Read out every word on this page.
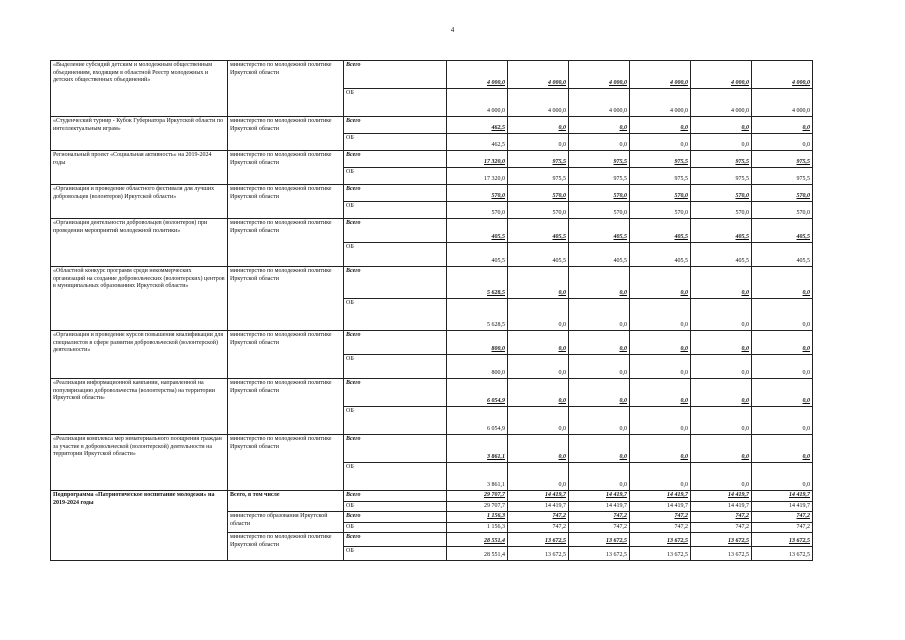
4
«Выделение субсидий детским и молодежным общественным объединениям, входящим в областной Реестр молодежных и детских общественных объединений»	министерство по молодежной политике Иркутской области	Всего	4 000,0	4 000,0	4 000,0	4 000,0	4 000,0	4 000,0
		ОБ	4 000,0	4 000,0	4 000,0	4 000,0	4 000,0	4 000,0
«Студенческий турнир - Кубок Губернатора Иркутской области по интеллектуальным играм»	министерство по молодежной политике Иркутской области	Всего	462,5	0,0	0,0	0,0	0,0	0,0
		ОБ	462,5	0,0	0,0	0,0	0,0	0,0
Региональный проект «Социальная активность» на 2019-2024 годы	министерство по молодежной политике Иркутской области	Всего	17 320,0	975,5	975,5	975,5	975,5	975,5
		ОБ	17 320,0	975,5	975,5	975,5	975,5	975,5
«Организация и проведение областного фестиваля для лучших добровольцев (волонтеров) Иркутской области»	министерство по молодежной политике Иркутской области	Всего	570,0	570,0	570,0	570,0	570,0	570,0
		ОБ	570,0	570,0	570,0	570,0	570,0	570,0
«Организация деятельности добровольцев (волонтеров) при проведении мероприятий молодежной политики»	министерство по молодежной политике Иркутской области	Всего	405,5	405,5	405,5	405,5	405,5	405,5
		ОБ	405,5	405,5	405,5	405,5	405,5	405,5
«Областной конкурс программ среди некоммерческих организаций на создание добровольческих (волонтерских) центров в муниципальных образованиях Иркутской области»	министерство по молодежной политике Иркутской области	Всего	5 628,5	0,0	0,0	0,0	0,0	0,0
		ОБ	5 628,5	0,0	0,0	0,0	0,0	0,0
«Организация и проведение курсов повышения квалификации для специалистов в сфере развития добровольческой (волонтерской) деятельности»	министерство по молодежной политике Иркутской области	Всего	800,0	0,0	0,0	0,0	0,0	0,0
		ОБ	800,0	0,0	0,0	0,0	0,0	0,0
«Реализация информационной кампании, направленной на популяризацию добровольчества (волонтерства) на территории Иркутской области»	министерство по молодежной политике Иркутской области	Всего	6 054,9	0,0	0,0	0,0	0,0	0,0
		ОБ	6 054,9	0,0	0,0	0,0	0,0	0,0
«Реализация комплекса мер нематериального поощрения граждан за участие в добровольческой (волонтерской) деятельности на территории Иркутской области»	министерство по молодежной политике Иркутской области	Всего	3 861,1	0,0	0,0	0,0	0,0	0,0
		ОБ	3 861,1	0,0	0,0	0,0	0,0	0,0
Подпрограмма «Патриотическое воспитание молодежи» на 2019-2024 годы	Всего, в том числе	Всего	29 707,7	14 419,7	14 419,7	14 419,7	14 419,7	14 419,7
		ОБ	29 707,7	14 419,7	14 419,7	14 419,7	14 419,7	14 419,7
	министерство образования Иркутской области	Всего	1 156,3	747,2	747,2	747,2	747,2	747,2
		ОБ	1 156,3	747,2	747,2	747,2	747,2	747,2
	министерство по молодежной политике Иркутской области	Всего	28 551,4	13 672,5	13 672,5	13 672,5	13 672,5	13 672,5
		ОБ	28 551,4	13 672,5	13 672,5	13 672,5	13 672,5	13 672,5
